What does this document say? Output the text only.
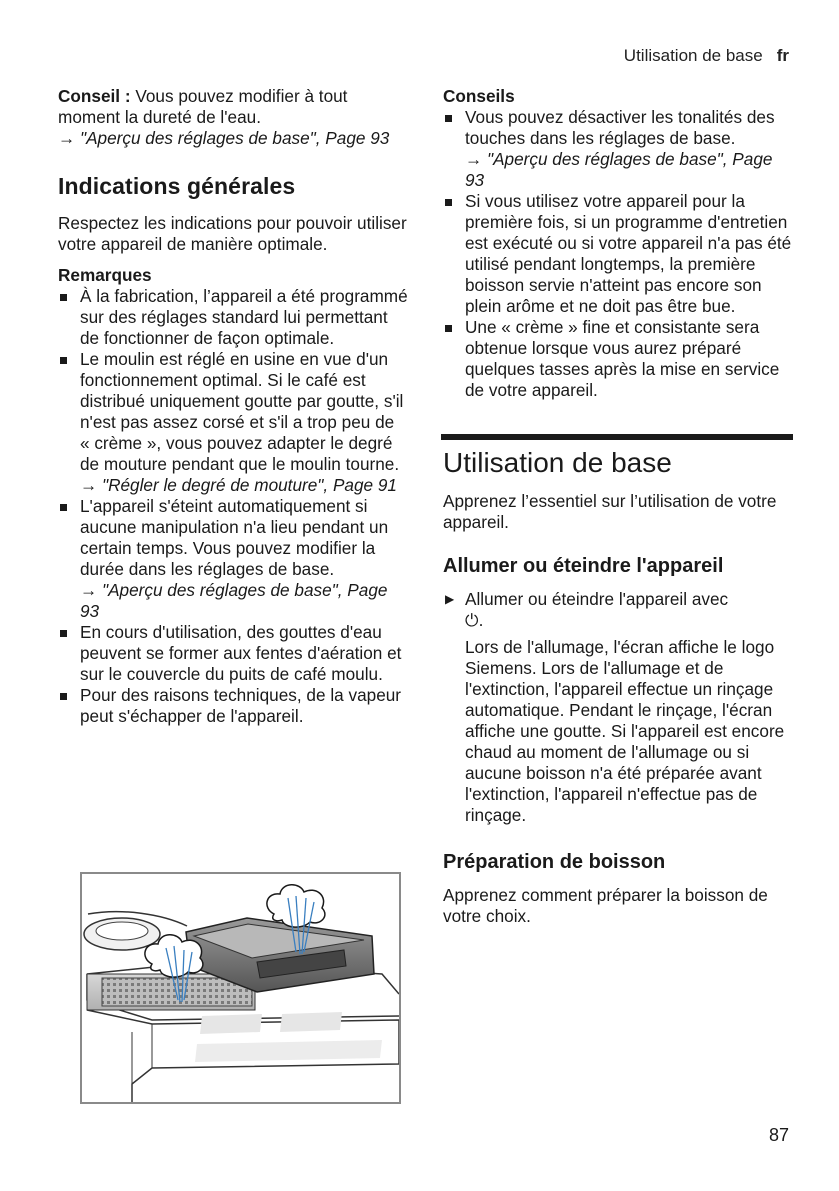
Utilisation de base fr

Conseil : Vous pouvez modifier à tout moment la dureté de l'eau.

→ "Aperçu des réglages de base", Page 93

Indications générales

Respectez les indications pour pouvoir utiliser votre appareil de manière optimale.

Remarques

À la fabrication, l’appareil a été programmé sur des réglages standard lui permettant de fonctionner de façon optimale.
Le moulin est réglé en usine en vue d'un fonctionnement optimal. Si le café est distribué uniquement goutte par goutte, s'il n'est pas assez corsé et s'il a trop peu de « crème », vous pouvez adapter le degré de mouture pendant que le moulin tourne.
→ "Régler le degré de mouture", Page 91
L'appareil s'éteint automatiquement si aucune manipulation n'a lieu pendant un certain temps. Vous pouvez modifier la durée dans les réglages de base.
→ "Aperçu des réglages de base", Page 93
En cours d'utilisation, des gouttes d'eau peuvent se former aux fentes d'aération et sur le couvercle du puits de café moulu.
Pour des raisons techniques, de la vapeur peut s'échapper de l'appareil.

Conseils

Vous pouvez désactiver les tonalités des touches dans les réglages de base.
→ "Aperçu des réglages de base", Page 93
Si vous utilisez votre appareil pour la première fois, si un programme d'entretien est exécuté ou si votre appareil n'a pas été utilisé pendant longtemps, la première boisson servie n'atteint pas encore son plein arôme et ne doit pas être bue.
Une « crème » fine et consistante sera obtenue lorsque vous aurez préparé quelques tasses après la mise en service de votre appareil.
Utilisation de base

Apprenez l’essentiel sur l’utilisation de votre appareil.

Allumer ou éteindre l'appareil
▶ Allumer ou éteindre l'appareil avec
⏻.

Lors de l'allumage, l'écran affiche le logo Siemens. Lors de l'allumage et de l'extinction, l'appareil effectue un rinçage automatique. Pendant le rinçage, l'écran affiche une goutte. Si l'appareil est encore chaud au moment de l'allumage ou si aucune boisson n'a été préparée avant l'extinction, l'appareil n'effectue pas de rinçage.

Préparation de boisson

Apprenez comment préparer la boisson de votre choix.

87
